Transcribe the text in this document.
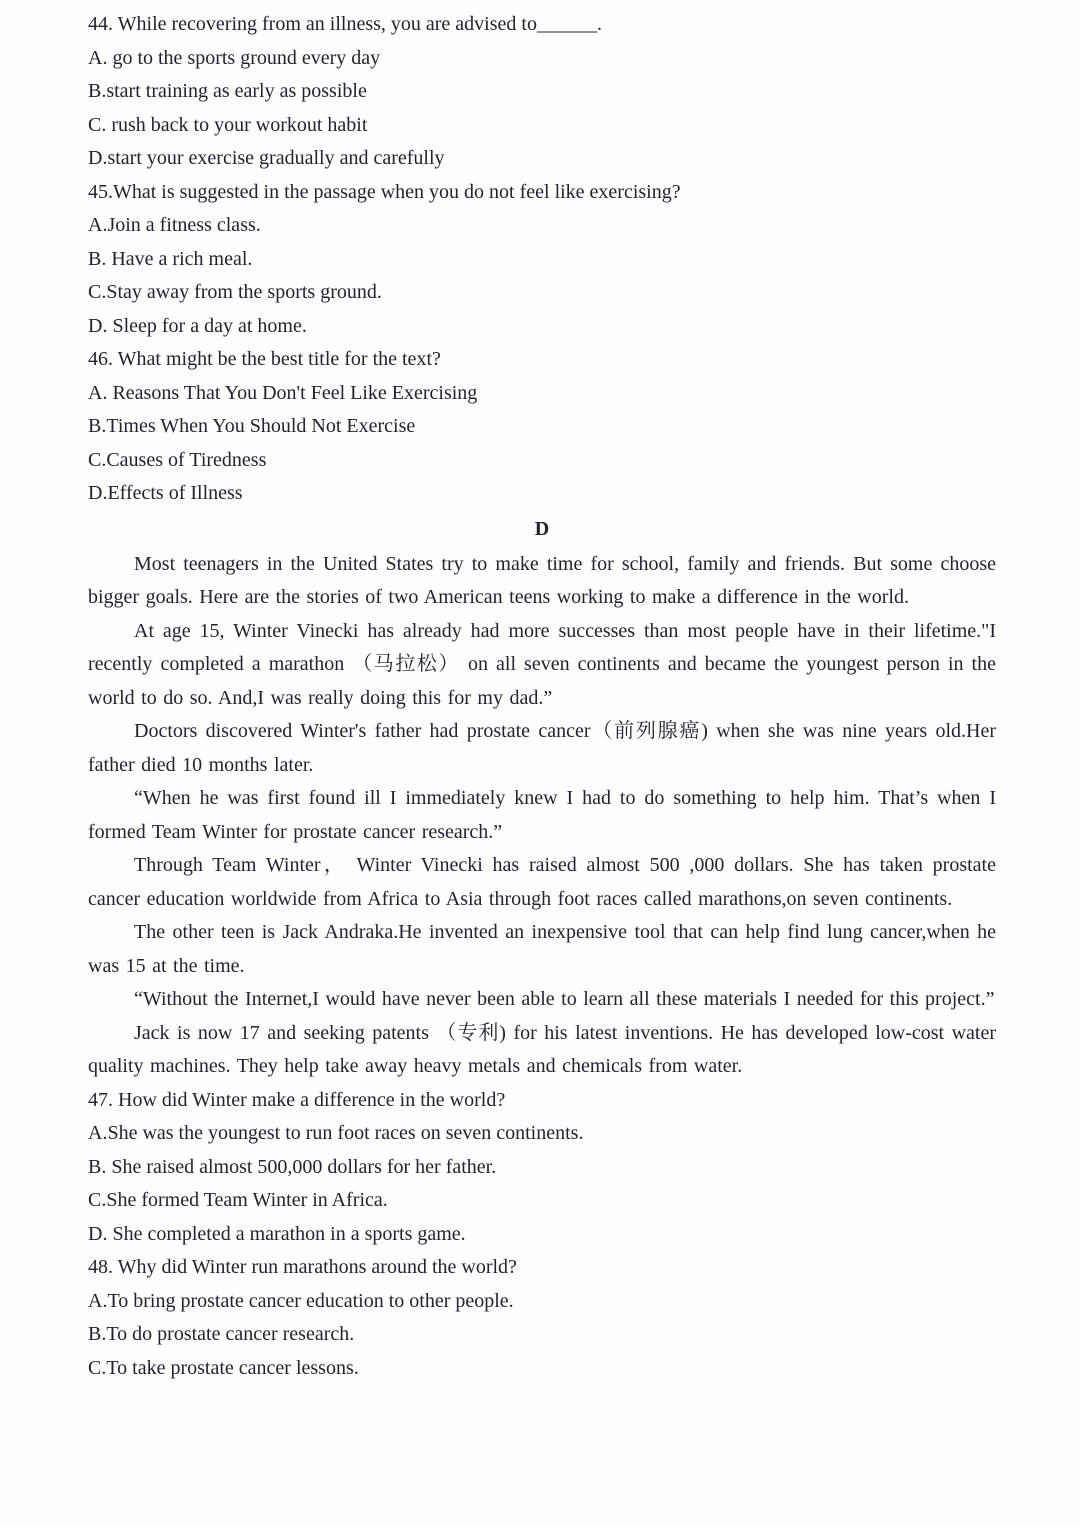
44. While recovering from an illness, you are advised to______.
A. go to the sports ground every day
B.start training as early as possible
C. rush back to your workout habit
D.start your exercise gradually and carefully
45.What is suggested in the passage when you do not feel like exercising?
A.Join a fitness class.
B. Have a rich meal.
C.Stay away from the sports ground.
D. Sleep for a day at home.
46. What might be the best title for the text?
A. Reasons That You Don't Feel Like Exercising
B.Times When You Should Not Exercise
C.Causes of Tiredness
D.Effects of Illness
D

Most teenagers in the United States try to make time for school, family and friends. But some choose bigger goals. Here are the stories of two American teens working to make a difference in the world.

At age 15, Winter Vinecki has already had more successes than most people have in their lifetime."I recently completed a marathon （马拉松） on all seven continents and became the youngest person in the world to do so. And,I was really doing this for my dad.”

Doctors discovered Winter's father had prostate cancer（前列腺癌) when she was nine years old.Her father died 10 months later.

“When he was first found ill I immediately knew I had to do something to help him. That’s when I formed Team Winter for prostate cancer research.”

Through Team Winter， Winter Vinecki has raised almost 500 ,000 dollars. She has taken prostate cancer education worldwide from Africa to Asia through foot races called marathons,on seven continents.

The other teen is Jack Andraka.He invented an inexpensive tool that can help find lung cancer,when he was 15 at the time.

“Without the Internet,I would have never been able to learn all these materials I needed for this project.”

Jack is now 17 and seeking patents （专利) for his latest inventions. He has developed low-cost water quality machines. They help take away heavy metals and chemicals from water.

47. How did Winter make a difference in the world?
A.She was the youngest to run foot races on seven continents.
B. She raised almost 500,000 dollars for her father.
C.She formed Team Winter in Africa.
D. She completed a marathon in a sports game.
48. Why did Winter run marathons around the world?
A.To bring prostate cancer education to other people.
B.To do prostate cancer research.
C.To take prostate cancer lessons.
